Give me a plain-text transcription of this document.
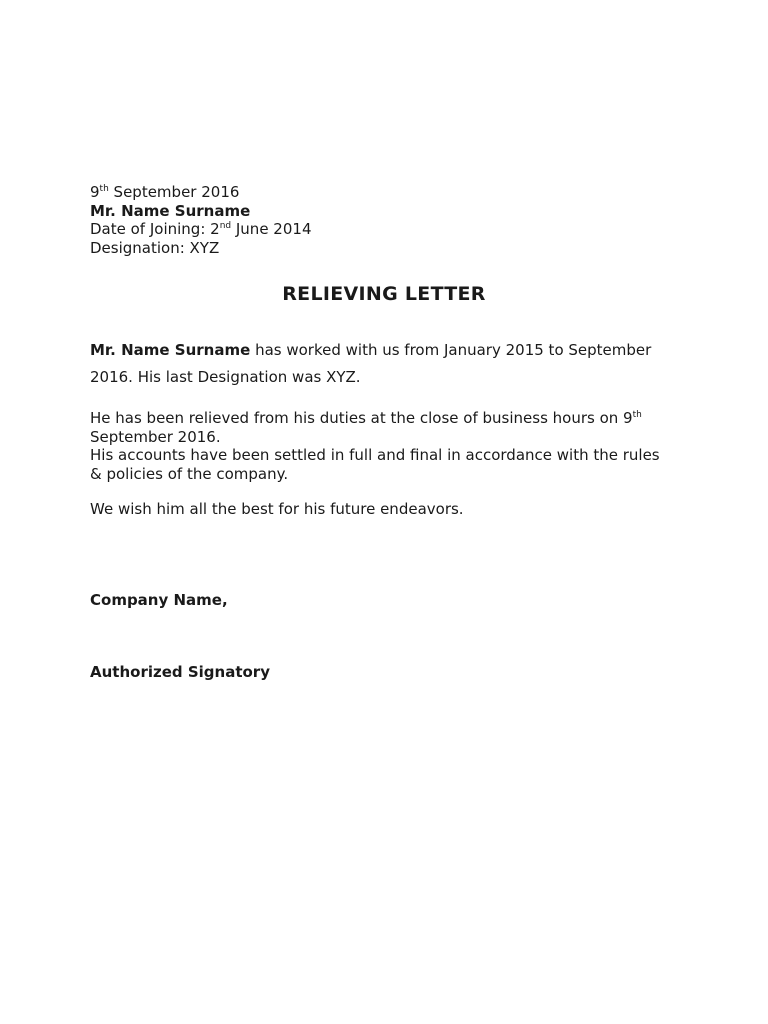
9th September 2016
Mr. Name Surname
Date of Joining: 2nd June 2014
Designation: XYZ
RELIEVING LETTER
Mr. Name Surname has worked with us from January 2015 to September
2016. His last Designation was XYZ.
He has been relieved from his duties at the close of business hours on 9th
September 2016.
His accounts have been settled in full and final in accordance with the rules
& policies of the company.
We wish him all the best for his future endeavors.
Company Name,
Authorized Signatory
